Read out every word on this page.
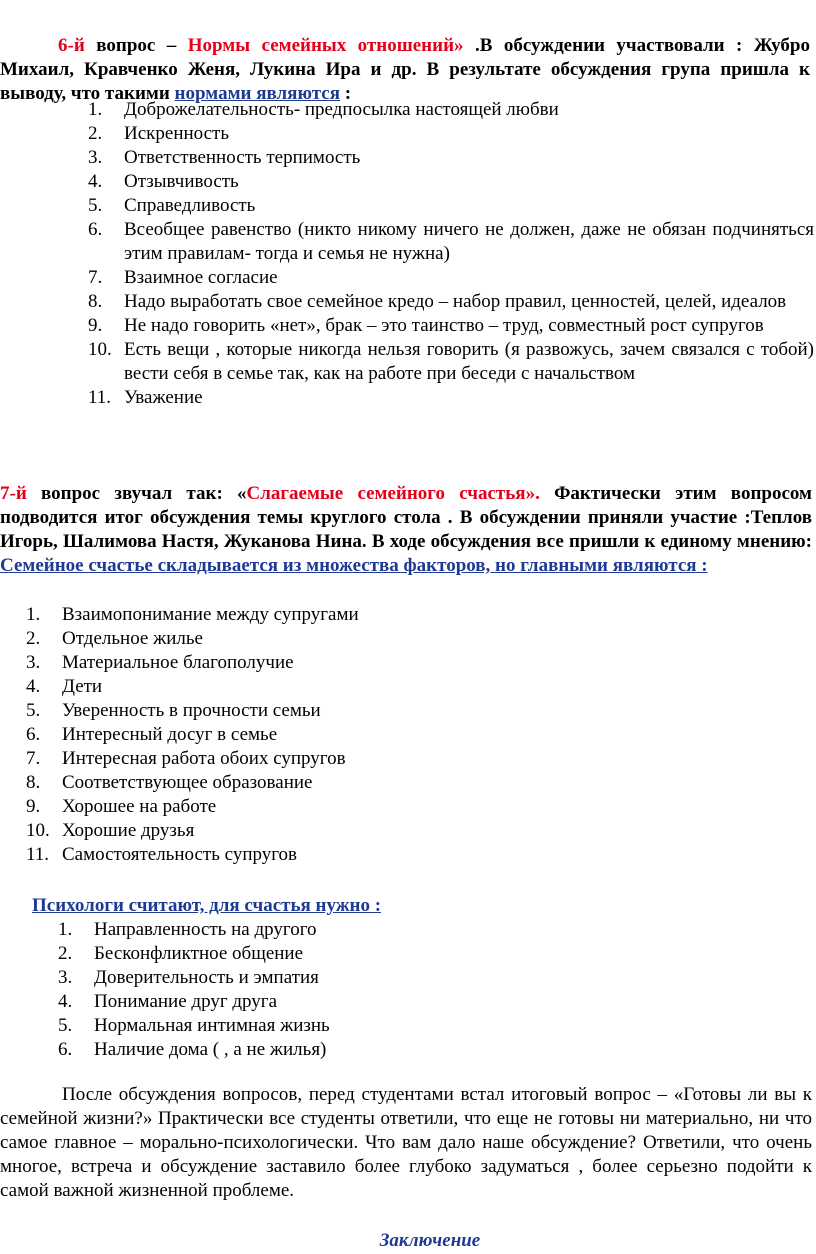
6-й вопрос – Нормы семейных отношений» .В обсуждении участвовали : Жубро Михаил, Кравченко Женя, Лукина Ира и др. В результате обсуждения група пришла к выводу, что такими нормами являются :

1.	Доброжелательность- предпосылка настоящей любви
2.	Искренность
3.	Ответственность терпимость
4.	Отзывчивость
5.	Справедливость
6.	Всеобщее равенство (никто никому ничего не должен, даже не обязан подчиняться этим правилам- тогда и семья не нужна)
7.	Взаимное согласие
8.	Надо выработать свое семейное кредо – набор правил, ценностей, целей, идеалов
9.	Не надо говорить «нет», брак – это таинство – труд, совместный рост супругов
10. Есть вещи , которые никогда нельзя говорить (я развожусь, зачем связался с тобой) вести себя в семье так, как на работе при беседи с начальством
11. Уважение

7-й вопрос звучал так: «Слагаемые семейного счастья». Фактически этим вопросом подводится итог обсуждения темы круглого стола . В обсуждении приняли участие :Теплов Игорь, Шалимова Настя, Жуканова Нина. В ходе обсуждения все пришли к единому мнению: Семейное счастье складывается из множества факторов, но главными являются :

1.	Взаимопонимание между супругами
2.	Отдельное жилье
3.	Материальное благополучие
4.	Дети
5.	Уверенность в прочности семьи
6.	Интересный досуг в семье
7.	Интересная работа обоих супругов
8.	Соответствующее образование
9.	Хорошее на работе
10. Хорошие друзья
11. Самостоятельность супругов
Психологи считают, для счастья нужно :
1.	Направленность на другого
2.	Бесконфликтное общение
3.	Доверительность и эмпатия
4.	Понимание друг друга
5.	Нормальная интимная жизнь
6.	Наличие дома ( , а не жилья)

После обсуждения вопросов, перед студентами встал итоговый вопрос – «Готовы ли вы к семейной жизни?» Практически все студенты ответили, что еще не готовы ни материально, ни что самое главное – морально-психологически. Что вам дало наше обсуждение? Ответили, что очень многое, встреча и обсуждение заставило более глубоко задуматься , более серьезно подойти к самой важной жизненной проблеме.

Заключение
